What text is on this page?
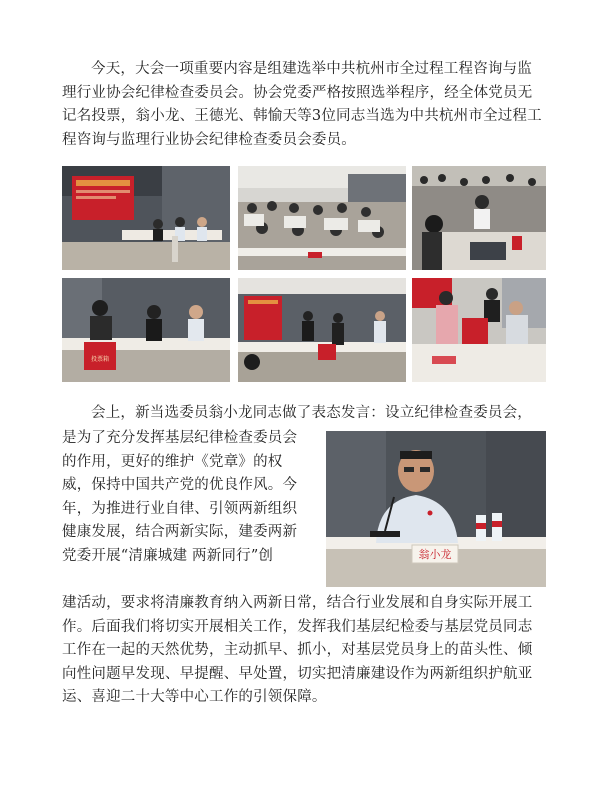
今天，大会一项重要内容是组建选举中共杭州市全过程工程咨询与监理行业协会纪律检查委员会。协会党委严格按照选举程序，经全体党员无记名投票，翁小龙、王德光、韩愉天等3位同志当选为中共杭州市全过程工程咨询与监理行业协会纪律检查委员会委员。

投票箱

会上，新当选委员翁小龙同志做了表态发言：设立纪律检查委员会，

是为了充分发挥基层纪律检查委员会的作用，更好的维护《党章》的权威，保持中国共产党的优良作风。今年，为推进行业自律、引领两新组织健康发展，结合两新实际，建委两新党委开展“清廉城建 两新同行”创	翁小龙

建活动，要求将清廉教育纳入两新日常，结合行业发展和自身实际开展工作。后面我们将切实开展相关工作，发挥我们基层纪检委与基层党员同志工作在一起的天然优势，主动抓早、抓小，对基层党员身上的苗头性、倾向性问题早发现、早提醒、早处置，切实把清廉建设作为两新组织护航亚运、喜迎二十大等中心工作的引领保障。
